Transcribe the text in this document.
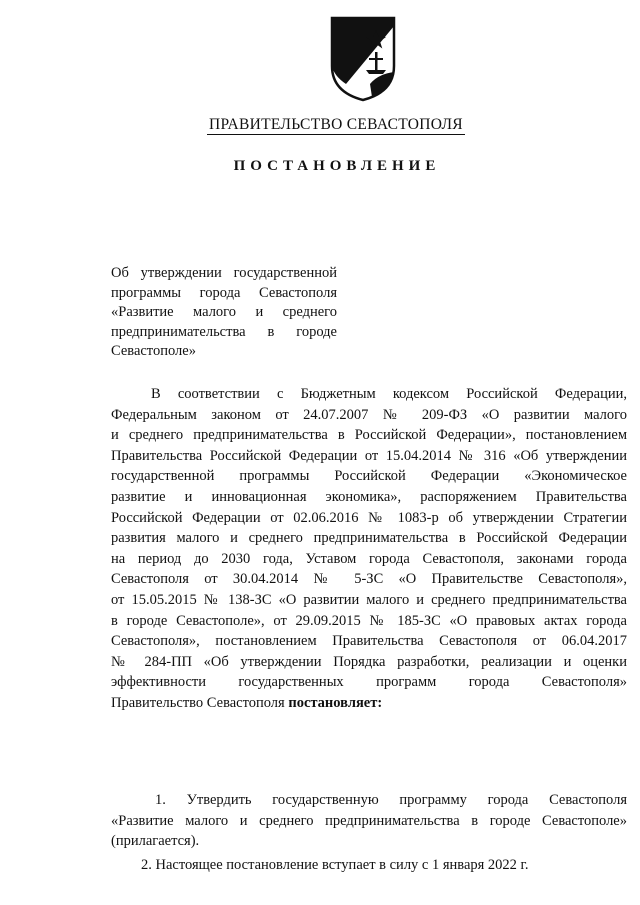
ПРАВИТЕЛЬСТВО СЕВАСТОПОЛЯ
ПОСТАНОВЛЕНИЕ
Об утверждении государственной
программы города Севастополя
«Развитие малого и среднего
предпринимательства в городе
Севастополе»
В соответствии с Бюджетным кодексом Российской Федерации,
Федеральным законом от 24.07.2007 № 209-ФЗ «О развитии малого
и среднего предпринимательства в Российской Федерации», постановлением
Правительства Российской Федерации от 15.04.2014 № 316 «Об утверждении
государственной программы Российской Федерации «Экономическое
развитие и инновационная экономика», распоряжением Правительства
Российской Федерации от 02.06.2016 № 1083-р об утверждении Стратегии
развития малого и среднего предпринимательства в Российской Федерации
на период до 2030 года, Уставом города Севастополя, законами города
Севастополя от 30.04.2014 № 5-ЗС «О Правительстве Севастополя»,
от 15.05.2015 № 138-ЗС «О развитии малого и среднего предпринимательства
в городе Севастополе», от 29.09.2015 № 185-ЗС «О правовых актах города
Севастополя», постановлением Правительства Севастополя от 06.04.2017
№ 284-ПП «Об утверждении Порядка разработки, реализации и оценки
эффективности государственных программ города Севастополя»
Правительство Севастополя постановляет:
1. Утвердить государственную программу города Севастополя
«Развитие малого и среднего предпринимательства в городе Севастополе»
(прилагается).
2. Настоящее постановление вступает в силу с 1 января 2022 г.
